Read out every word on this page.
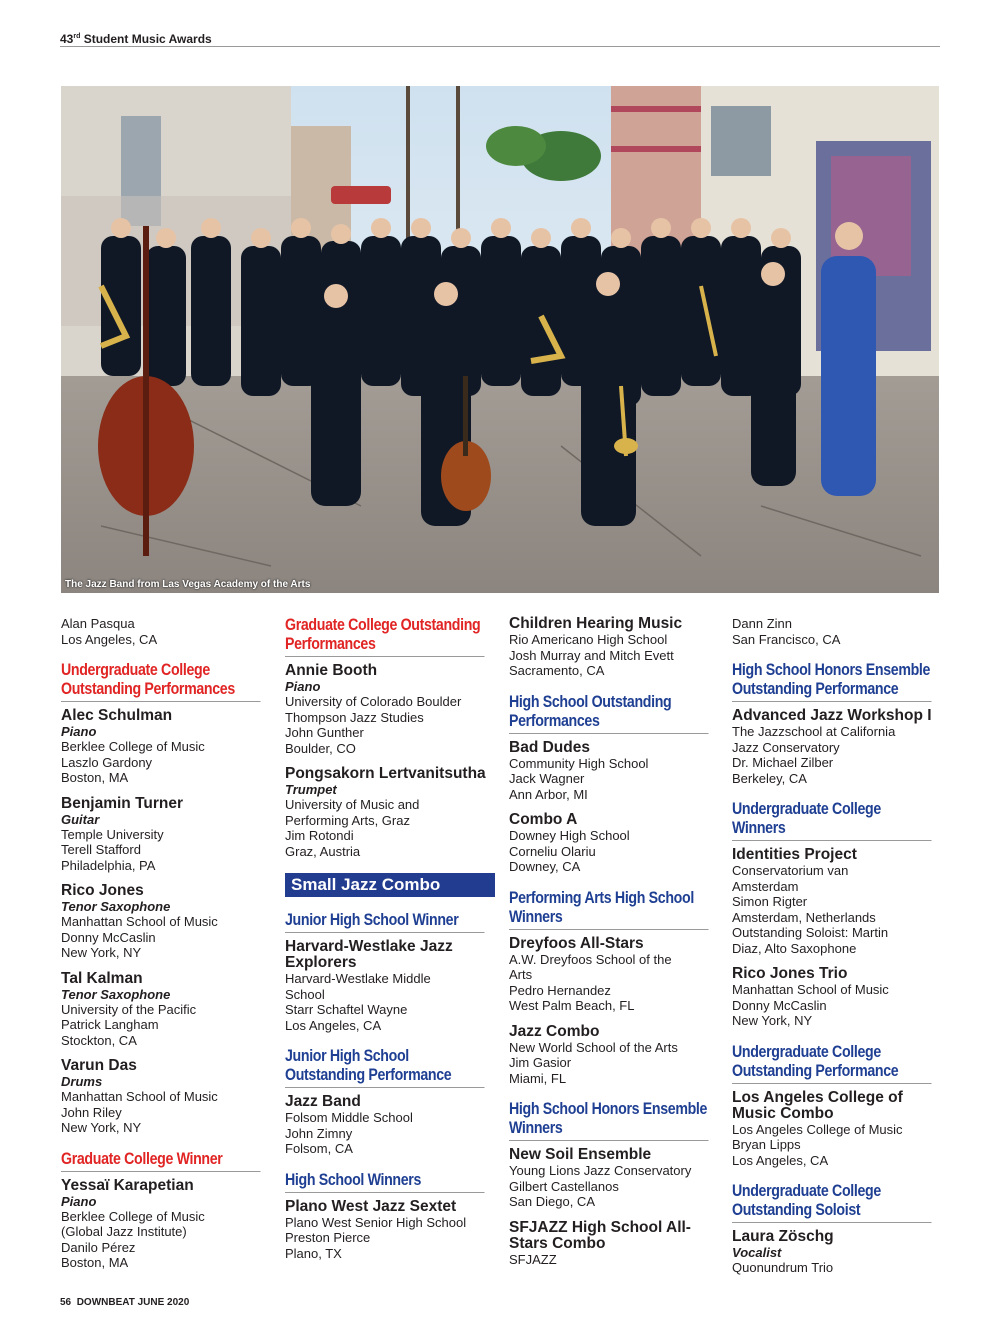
43rd Student Music Awards
The Jazz Band from Las Vegas Academy of the Arts
Alan Pasqua
Los Angeles, CA
Undergraduate College Outstanding Performances
Alec Schulman
Piano
Berklee College of Music
Laszlo Gardony
Boston, MA
Benjamin Turner
Guitar
Temple University
Terell Stafford
Philadelphia, PA
Rico Jones
Tenor Saxophone
Manhattan School of Music
Donny McCaslin
New York, NY
Tal Kalman
Tenor Saxophone
University of the Pacific
Patrick Langham
Stockton, CA
Varun Das
Drums
Manhattan School of Music
John Riley
New York, NY
Graduate College Winner
Yessaï Karapetian
Piano
Berklee College of Music
(Global Jazz Institute)
Danilo Pérez
Boston, MA
Graduate College Outstanding Performances
Annie Booth
Piano
University of Colorado Boulder
Thompson Jazz Studies
John Gunther
Boulder, CO
Pongsakorn Lertvanitsutha
Trumpet
University of Music and
Performing Arts, Graz
Jim Rotondi
Graz, Austria
Small Jazz Combo
Junior High School Winner
Harvard-Westlake Jazz Explorers
Harvard-Westlake Middle
School
Starr Schaftel Wayne
Los Angeles, CA
Junior High School Outstanding Performance
Jazz Band
Folsom Middle School
John Zimny
Folsom, CA
High School Winners
Plano West Jazz Sextet
Plano West Senior High School
Preston Pierce
Plano, TX
Children Hearing Music
Rio Americano High School
Josh Murray and Mitch Evett
Sacramento, CA
High School Outstanding Performances
Bad Dudes
Community High School
Jack Wagner
Ann Arbor, MI
Combo A
Downey High School
Corneliu Olariu
Downey, CA
Performing Arts High School Winners
Dreyfoos All-Stars
A.W. Dreyfoos School of the
Arts
Pedro Hernandez
West Palm Beach, FL
Jazz Combo
New World School of the Arts
Jim Gasior
Miami, FL
High School Honors Ensemble Winners
New Soil Ensemble
Young Lions Jazz Conservatory
Gilbert Castellanos
San Diego, CA
SFJAZZ High School All-Stars Combo
SFJAZZ
Dann Zinn
San Francisco, CA
High School Honors Ensemble Outstanding Performance
Advanced Jazz Workshop I
The Jazzschool at California
Jazz Conservatory
Dr. Michael Zilber
Berkeley, CA
Undergraduate College Winners
Identities Project
Conservatorium van
Amsterdam
Simon Rigter
Amsterdam, Netherlands
Outstanding Soloist: Martin
Diaz, Alto Saxophone
Rico Jones Trio
Manhattan School of Music
Donny McCaslin
New York, NY
Undergraduate College Outstanding Performance
Los Angeles College of Music Combo
Los Angeles College of Music
Bryan Lipps
Los Angeles, CA
Undergraduate College Outstanding Soloist
Laura Zöschg
Vocalist
Quonundrum Trio
56 DOWNBEAT JUNE 2020
